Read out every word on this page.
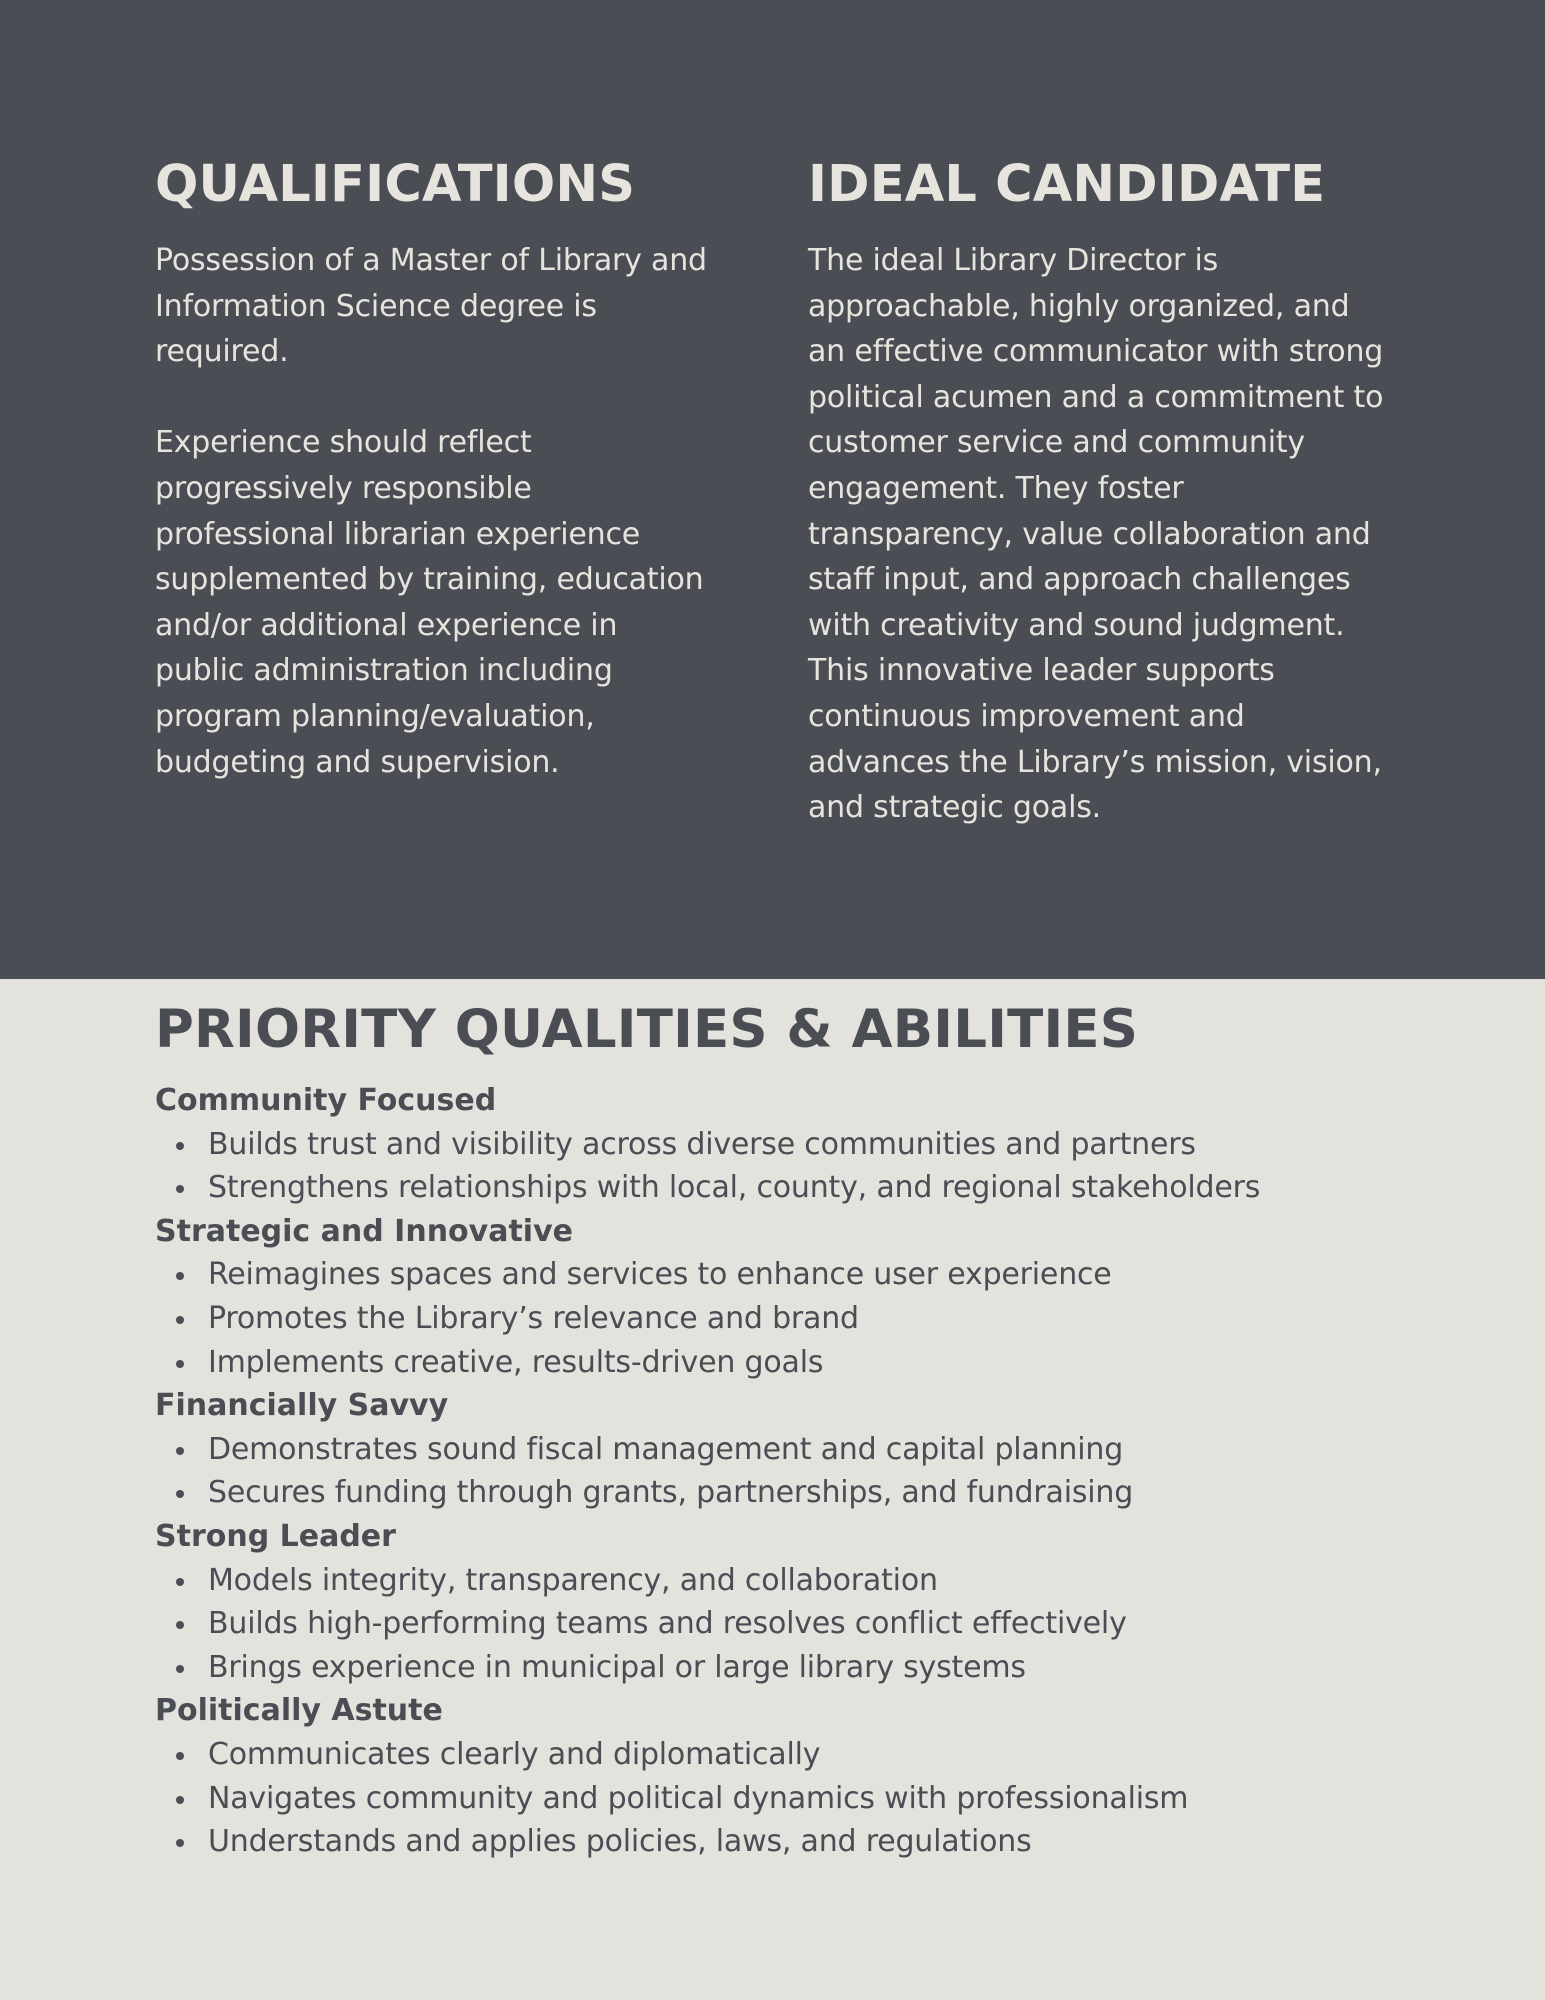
QUALIFICATIONS

Possession of a Master of Library and Information Science degree is required.

Experience should reflect progressively responsible professional librarian experience supplemented by training, education and/or additional experience in public administration including program planning/evaluation, budgeting and supervision.

IDEAL CANDIDATE

The ideal Library Director is approachable, highly organized, and an effective communicator with strong political acumen and a commitment to customer service and community engagement. They foster transparency, value collaboration and staff input, and approach challenges with creativity and sound judgment. This innovative leader supports continuous improvement and advances the Library’s mission, vision, and strategic goals.

PRIORITY QUALITIES & ABILITIES
Community Focused
Builds trust and visibility across diverse communities and partners
Strengthens relationships with local, county, and regional stakeholders
Strategic and Innovative
Reimagines spaces and services to enhance user experience
Promotes the Library’s relevance and brand
Implements creative, results-driven goals
Financially Savvy
Demonstrates sound fiscal management and capital planning
Secures funding through grants, partnerships, and fundraising
Strong Leader
Models integrity, transparency, and collaboration
Builds high-performing teams and resolves conflict effectively
Brings experience in municipal or large library systems
Politically Astute
Communicates clearly and diplomatically
Navigates community and political dynamics with professionalism
Understands and applies policies, laws, and regulations
